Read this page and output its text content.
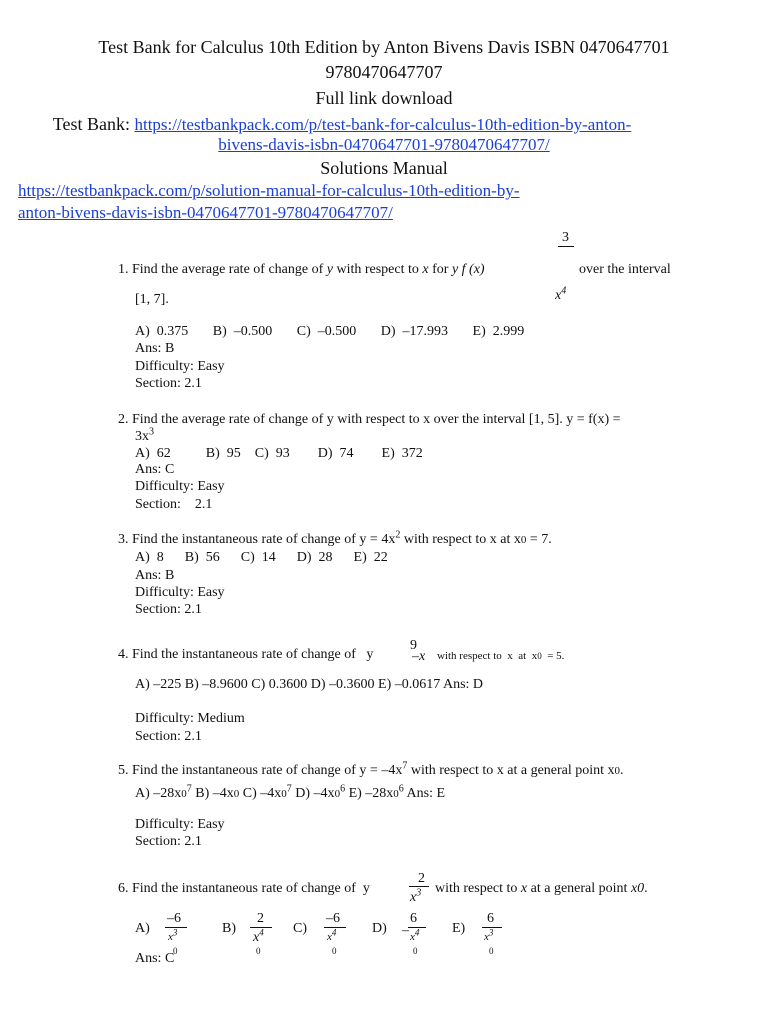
Test Bank for Calculus 10th Edition by Anton Bivens Davis ISBN 0470647701
9780470647707
Full link download
Test Bank: https://testbankpack.com/p/test-bank-for-calculus-10th-edition-by-anton-
bivens-davis-isbn-0470647701-9780470647707/
Solutions Manual
https://testbankpack.com/p/solution-manual-for-calculus-10th-edition-by-
anton-bivens-davis-isbn-0470647701-9780470647707/
1. Find the average rate of change of y with respect to x for y f (x)
3
$x^4$
over the interval
[1, 7].
A)  0.375       B)  –0.500       C)  –0.500       D)  –17.993       E)  2.999
Ans: B
Difficulty: Easy
Section: 2.1
2. Find the average rate of change of y with respect to x over the interval [1, 5]. y = f(x) =
$3x^3$
A)  62          B)  95    C)  93        D)  74        E)  372
Ans: C
Difficulty: Easy
Section:    2.1
3. Find the instantaneous rate of change of $y = 4x^2$ with respect to x at x0 = 7.
A)  8      B)  56      C)  14      D)  28      E)  22
Ans: B
Difficulty: Easy
Section: 2.1
4. Find the instantaneous rate of change of   y
9
–x with respect to  x  at  x0  = 5.
A) –225 B) –8.9600 C) 0.3600 D) –0.3600 E) –0.0617 Ans: D
Difficulty: Medium
Section: 2.1
5. Find the instantaneous rate of change of $y = -4x^7$ with respect to x at a general point x0.
A) $-28x0^7$ B) –4x0 C) $-4x0^7$ D) $-4x0^6$ E) $-28x0^6$ Ans: E
Difficulty: Easy
Section: 2.1
6. Find the instantaneous rate of change of  y
2
$x^3$ with respect to x at a general point x0.
A)
–6
$x^3$
0
B)
2
$x^4$
0
C)
–6
$x^4$
0
D)
6
– $x^4$
0
E)
6
$x^3$
0
Ans: C
